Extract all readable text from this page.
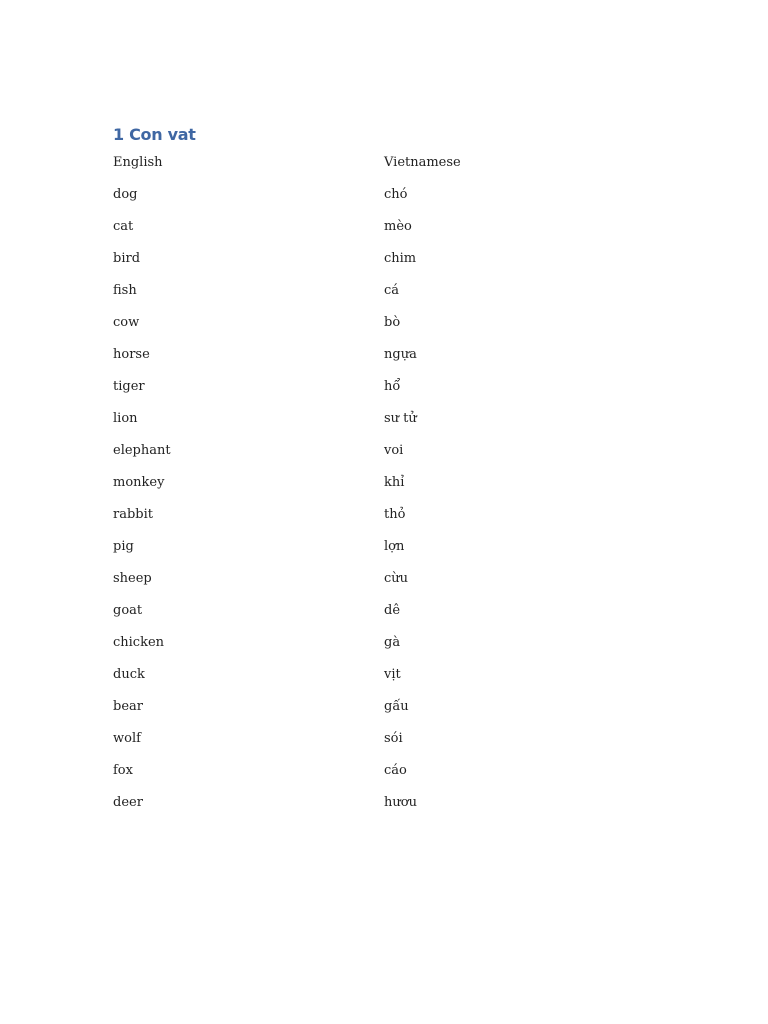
1 Con vat
English	Vietnamese
dog	chó
cat	mèo
bird	chim
fish	cá
cow	bò
horse	ngựa
tiger	hổ
lion	sư tử
elephant	voi
monkey	khỉ
rabbit	thỏ
pig	lợn
sheep	cừu
goat	dê
chicken	gà
duck	vịt
bear	gấu
wolf	sói
fox	cáo
deer	hươu
